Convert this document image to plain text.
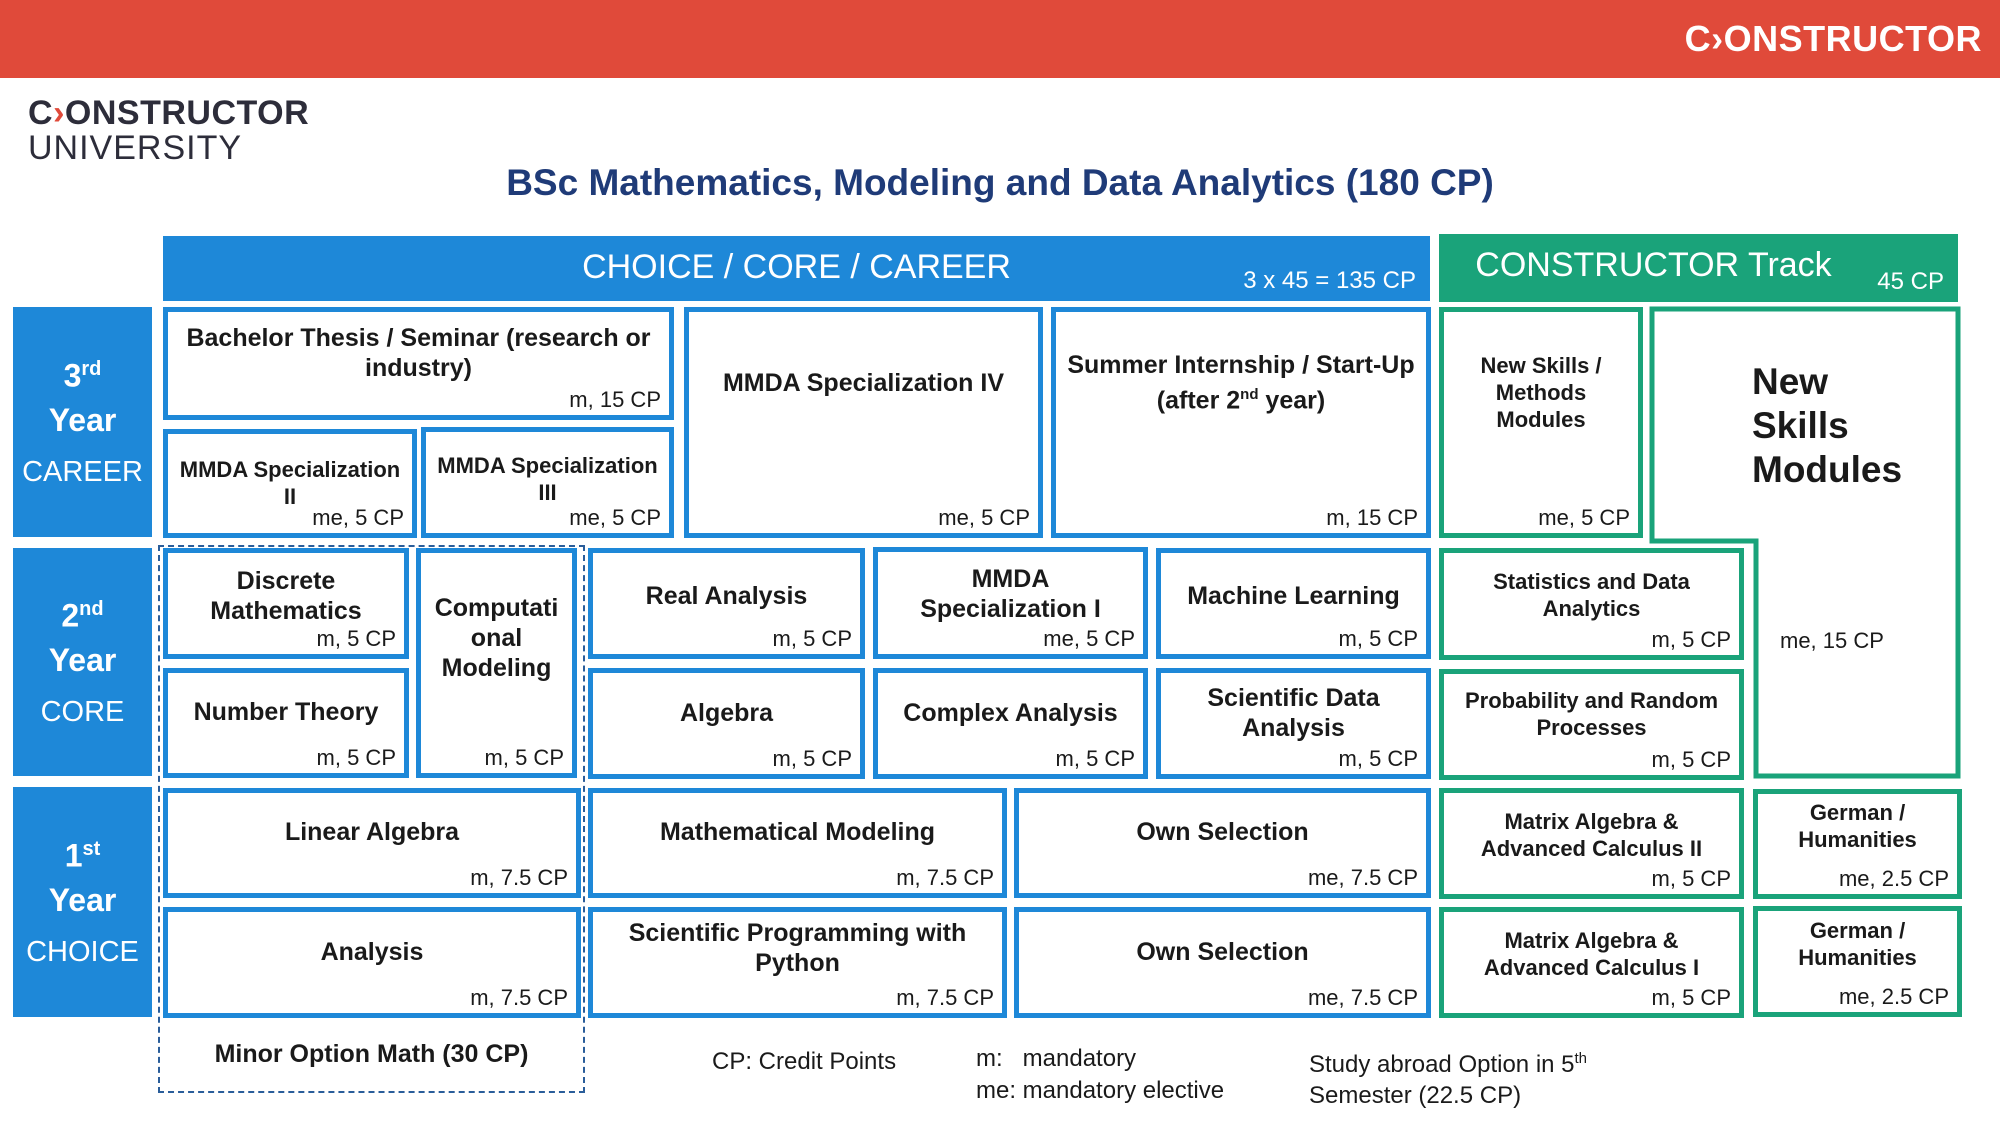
C›ONSTRUCTOR
C›ONSTRUCTOR
UNIVERSITY
BSc Mathematics, Modeling and Data Analytics (180 CP)
CHOICE / CORE / CAREER	3 x 45 = 135 CP	CONSTRUCTOR Track	45 CP
3rd
Year
CAREER
2nd
Year
CORE
1st
Year
CHOICE
Minor Option Math (30 CP)
Bachelor Thesis / Seminar (research or industry)
m, 15 CP
MMDA Specialization II
me, 5 CP
MMDA Specialization III
me, 5 CP
MMDA Specialization IV
me, 5 CP
Summer Internship / Start-Up (after 2nd year)
m, 15 CP
New Skills / Methods Modules
me, 5 CP
New Skills Modules
me, 15 CP
Discrete Mathematics
m, 5 CP
Computati onal Modeling
m, 5 CP
Number Theory
m, 5 CP
Real Analysis
m, 5 CP
MMDA Specialization I
me, 5 CP
Machine Learning
m, 5 CP
Statistics and Data Analytics
m, 5 CP
Algebra
m, 5 CP
Complex Analysis
m, 5 CP
Scientific Data Analysis
m, 5 CP
Probability and Random Processes
m, 5 CP
Linear Algebra
m, 7.5 CP
Mathematical Modeling
m, 7.5 CP
Own Selection
me, 7.5 CP
Matrix Algebra & Advanced Calculus II
m, 5 CP
German / Humanities
me, 2.5 CP
Analysis
m, 7.5 CP
Scientific Programming with Python
m, 7.5 CP
Own Selection
me, 7.5 CP
Matrix Algebra & Advanced Calculus I
m, 5 CP
German / Humanities
me, 2.5 CP
CP: Credit Points	m:   mandatory
me: mandatory elective
Study abroad Option in 5th
Semester (22.5 CP)
